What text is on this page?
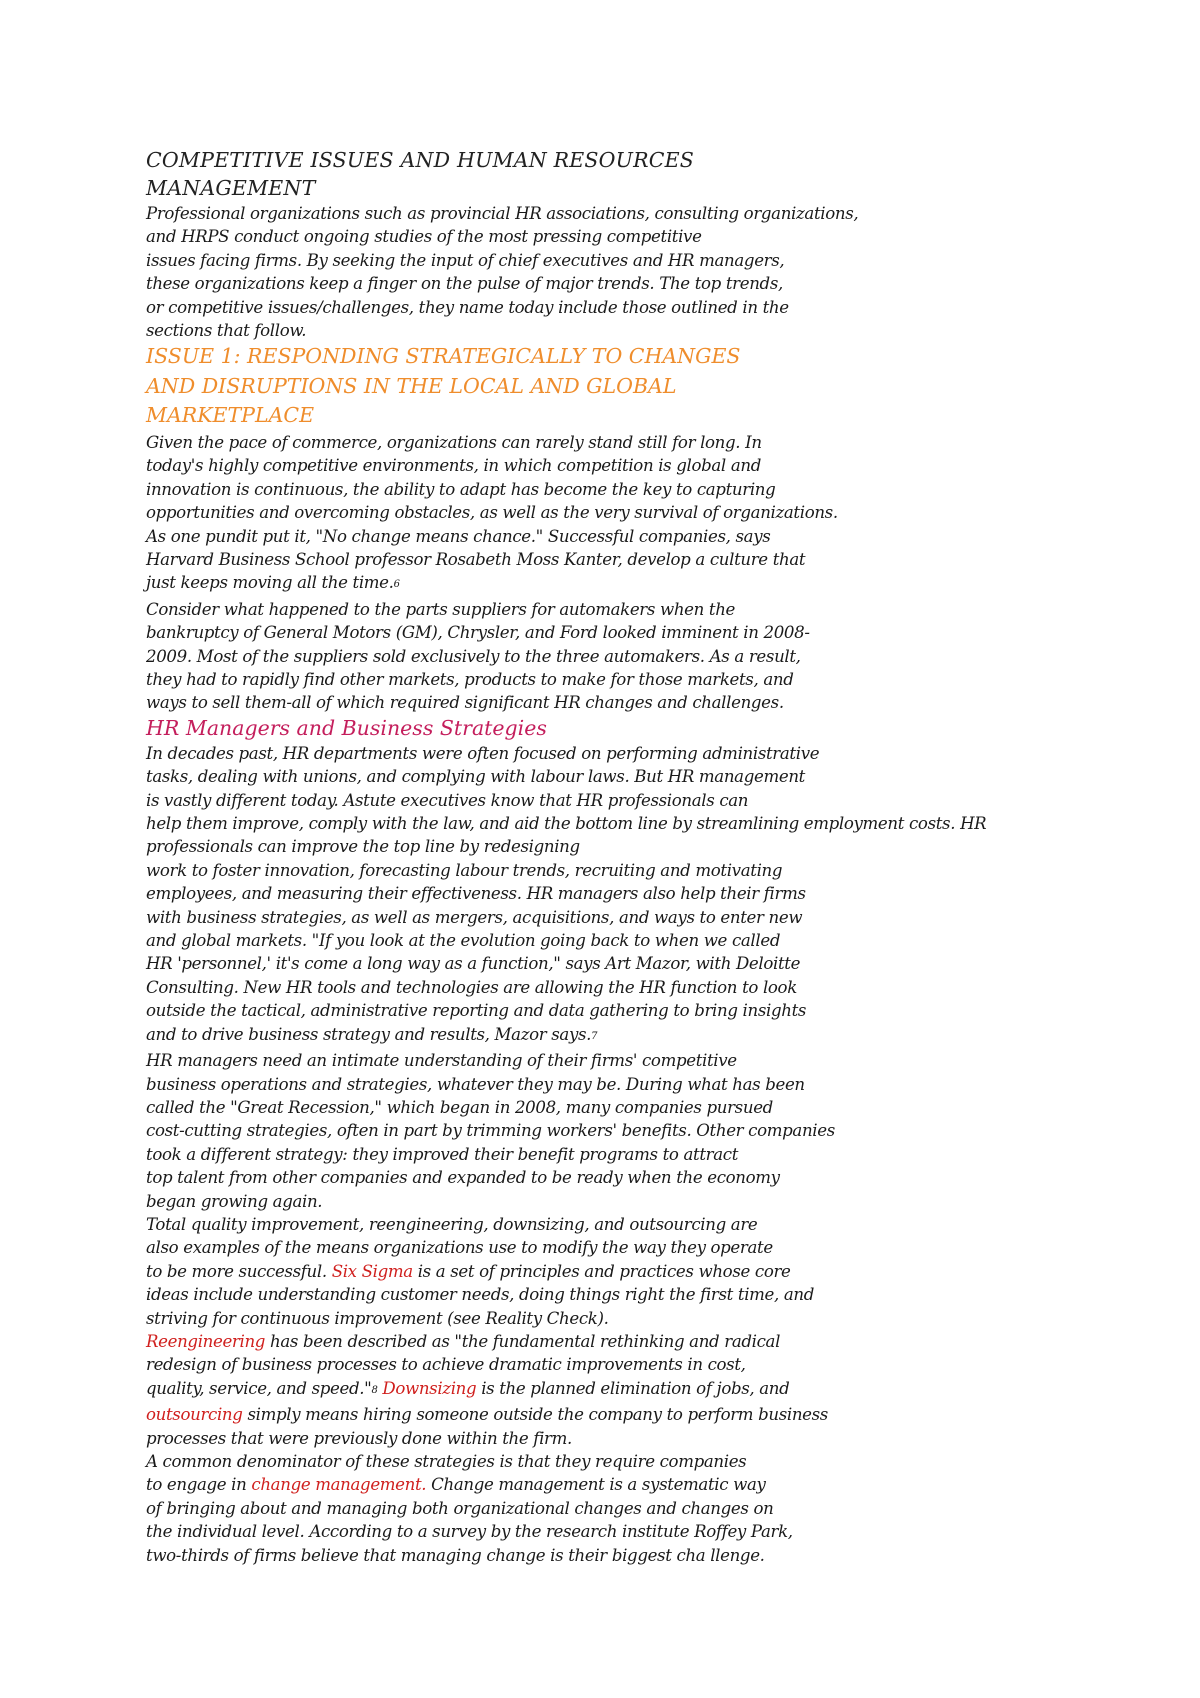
COMPETITIVE ISSUES AND HUMAN RESOURCES
MANAGEMENT
Professional organizations such as provincial HR associations, consulting organizations,
and HRPS conduct ongoing studies of the most pressing competitive
issues facing firms. By seeking the input of chief executives and HR managers,
these organizations keep a finger on the pulse of major trends. The top trends,
or competitive issues/challenges, they name today include those outlined in the
sections that follow.
ISSUE 1: RESPONDING STRATEGICALLY TO CHANGES
AND DISRUPTIONS IN THE LOCAL AND GLOBAL
MARKETPLACE
Given the pace of commerce, organizations can rarely stand still for long. In
today's highly competitive environments, in which competition is global and
innovation is continuous, the ability to adapt has become the key to capturing
opportunities and overcoming obstacles, as well as the very survival of organizations.
As one pundit put it, "No change means chance." Successful companies, says
Harvard Business School professor Rosabeth Moss Kanter, develop a culture that
just keeps moving all the time.6
Consider what happened to the parts suppliers for automakers when the
bankruptcy of General Motors (GM), Chrysler, and Ford looked imminent in 2008-
2009. Most of the suppliers sold exclusively to the three automakers. As a result,
they had to rapidly find other markets, products to make for those markets, and
ways to sell them-all of which required significant HR changes and challenges.
HR Managers and Business Strategies
In decades past, HR departments were often focused on performing administrative
tasks, dealing with unions, and complying with labour laws. But HR management
is vastly different today. Astute executives know that HR professionals can
help them improve, comply with the law, and aid the bottom line by streamlining employment costs. HR
professionals can improve the top line by redesigning
work to foster innovation, forecasting labour trends, recruiting and motivating
employees, and measuring their effectiveness. HR managers also help their firms
with business strategies, as well as mergers, acquisitions, and ways to enter new
and global markets. "If you look at the evolution going back to when we called
HR 'personnel,' it's come a long way as a function," says Art Mazor, with Deloitte
Consulting. New HR tools and technologies are allowing the HR function to look
outside the tactical, administrative reporting and data gathering to bring insights
and to drive business strategy and results, Mazor says.7
HR managers need an intimate understanding of their firms' competitive
business operations and strategies, whatever they may be. During what has been
called the "Great Recession," which began in 2008, many companies pursued
cost-cutting strategies, often in part by trimming workers' benefits. Other companies
took a different strategy: they improved their benefit programs to attract
top talent from other companies and expanded to be ready when the economy
began growing again.
Total quality improvement, reengineering, downsizing, and outsourcing are
also examples of the means organizations use to modify the way they operate
to be more successful. Six Sigma is a set of principles and practices whose core
ideas include understanding customer needs, doing things right the first time, and
striving for continuous improvement (see Reality Check).
Reengineering has been described as "the fundamental rethinking and radical
redesign of business processes to achieve dramatic improvements in cost,
quality, service, and speed."8 Downsizing is the planned elimination of jobs, and
outsourcing simply means hiring someone outside the company to perform business
processes that were previously done within the firm.
A common denominator of these strategies is that they require companies
to engage in change management. Change management is a systematic way
of bringing about and managing both organizational changes and changes on
the individual level. According to a survey by the research institute Roffey Park,
two-thirds of firms believe that managing change is their biggest cha llenge.
